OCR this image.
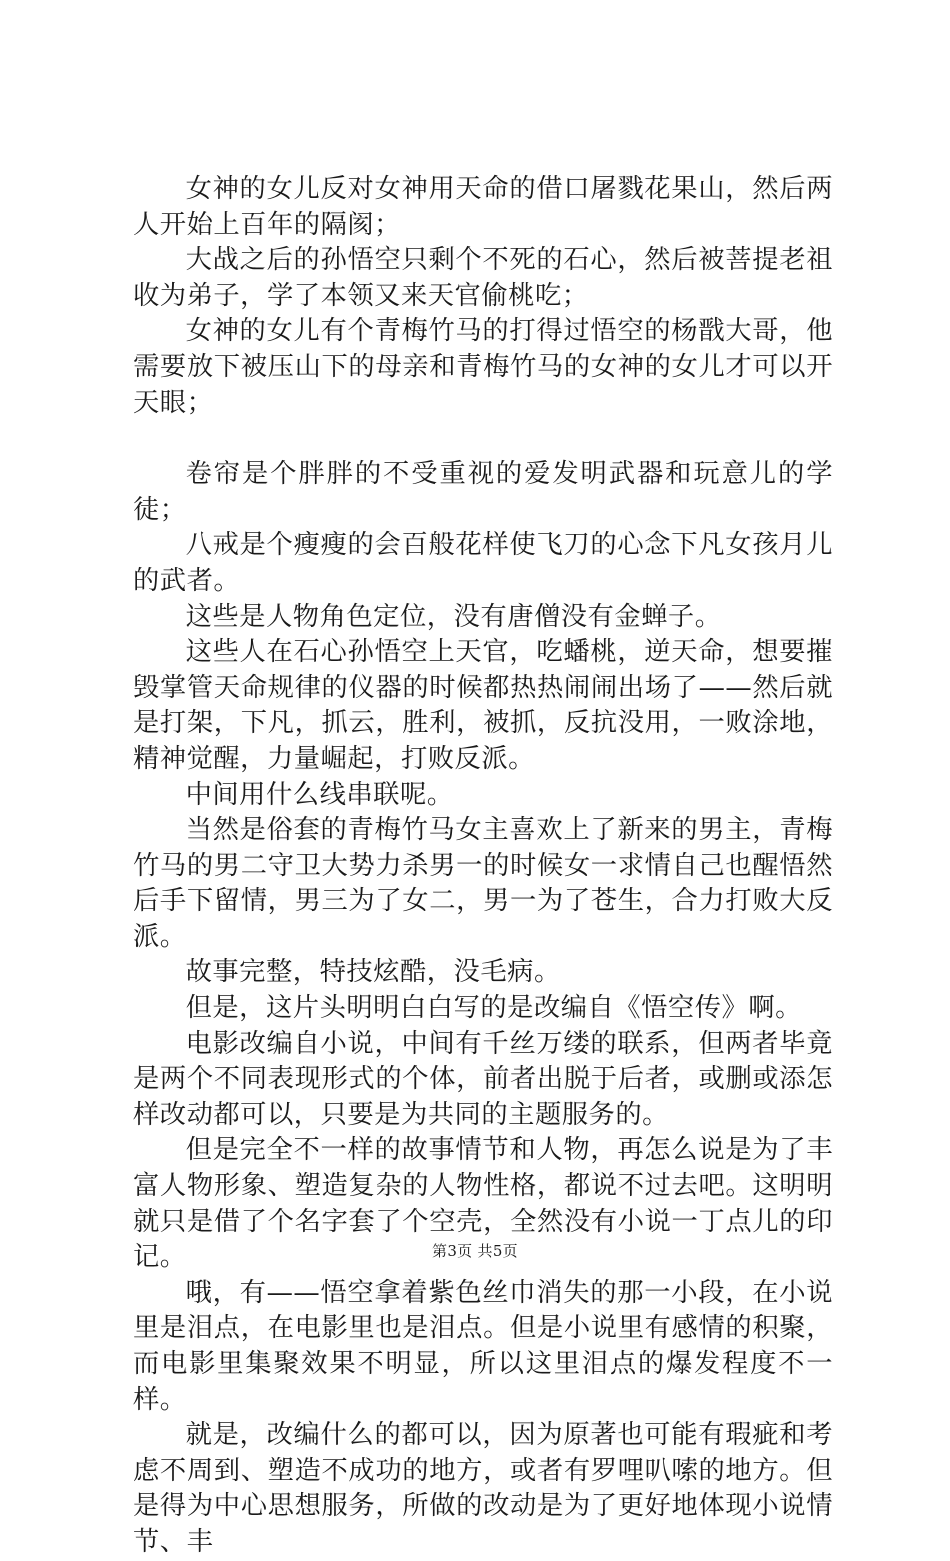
女神的女儿反对女神用天命的借口屠戮花果山，然后两人开始上百年的隔阂；

大战之后的孙悟空只剩个不死的石心，然后被菩提老祖收为弟子，学了本领又来天官偷桃吃；

女神的女儿有个青梅竹马的打得过悟空的杨戬大哥，他需要放下被压山下的母亲和青梅竹马的女神的女儿才可以开天眼；

卷帘是个胖胖的不受重视的爱发明武器和玩意儿的学徒；

八戒是个瘦瘦的会百般花样使飞刀的心念下凡女孩月儿的武者。

这些是人物角色定位，没有唐僧没有金蝉子。

这些人在石心孙悟空上天官，吃蟠桃，逆天命，想要摧毁掌管天命规律的仪器的时候都热热闹闹出场了——然后就是打架，下凡，抓云，胜利，被抓，反抗没用，一败涂地，精神觉醒，力量崛起，打败反派。

中间用什么线串联呢。

当然是俗套的青梅竹马女主喜欢上了新来的男主，青梅竹马的男二守卫大势力杀男一的时候女一求情自己也醒悟然后手下留情，男三为了女二，男一为了苍生，合力打败大反派。

故事完整，特技炫酷，没毛病。

但是，这片头明明白白写的是改编自《悟空传》啊。

电影改编自小说，中间有千丝万缕的联系，但两者毕竟是两个不同表现形式的个体，前者出脱于后者，或删或添怎样改动都可以，只要是为共同的主题服务的。

但是完全不一样的故事情节和人物，再怎么说是为了丰富人物形象、塑造复杂的人物性格，都说不过去吧。这明明就只是借了个名字套了个空壳，全然没有小说一丁点儿的印记。

哦，有——悟空拿着紫色丝巾消失的那一小段，在小说里是泪点，在电影里也是泪点。但是小说里有感情的积聚，而电影里集聚效果不明显，所以这里泪点的爆发程度不一样。

就是，改编什么的都可以，因为原著也可能有瑕疵和考虑不周到、塑造不成功的地方，或者有罗哩叭嗦的地方。但是得为中心思想服务，所做的改动是为了更好地体现小说情节、丰

第3页 共5页
